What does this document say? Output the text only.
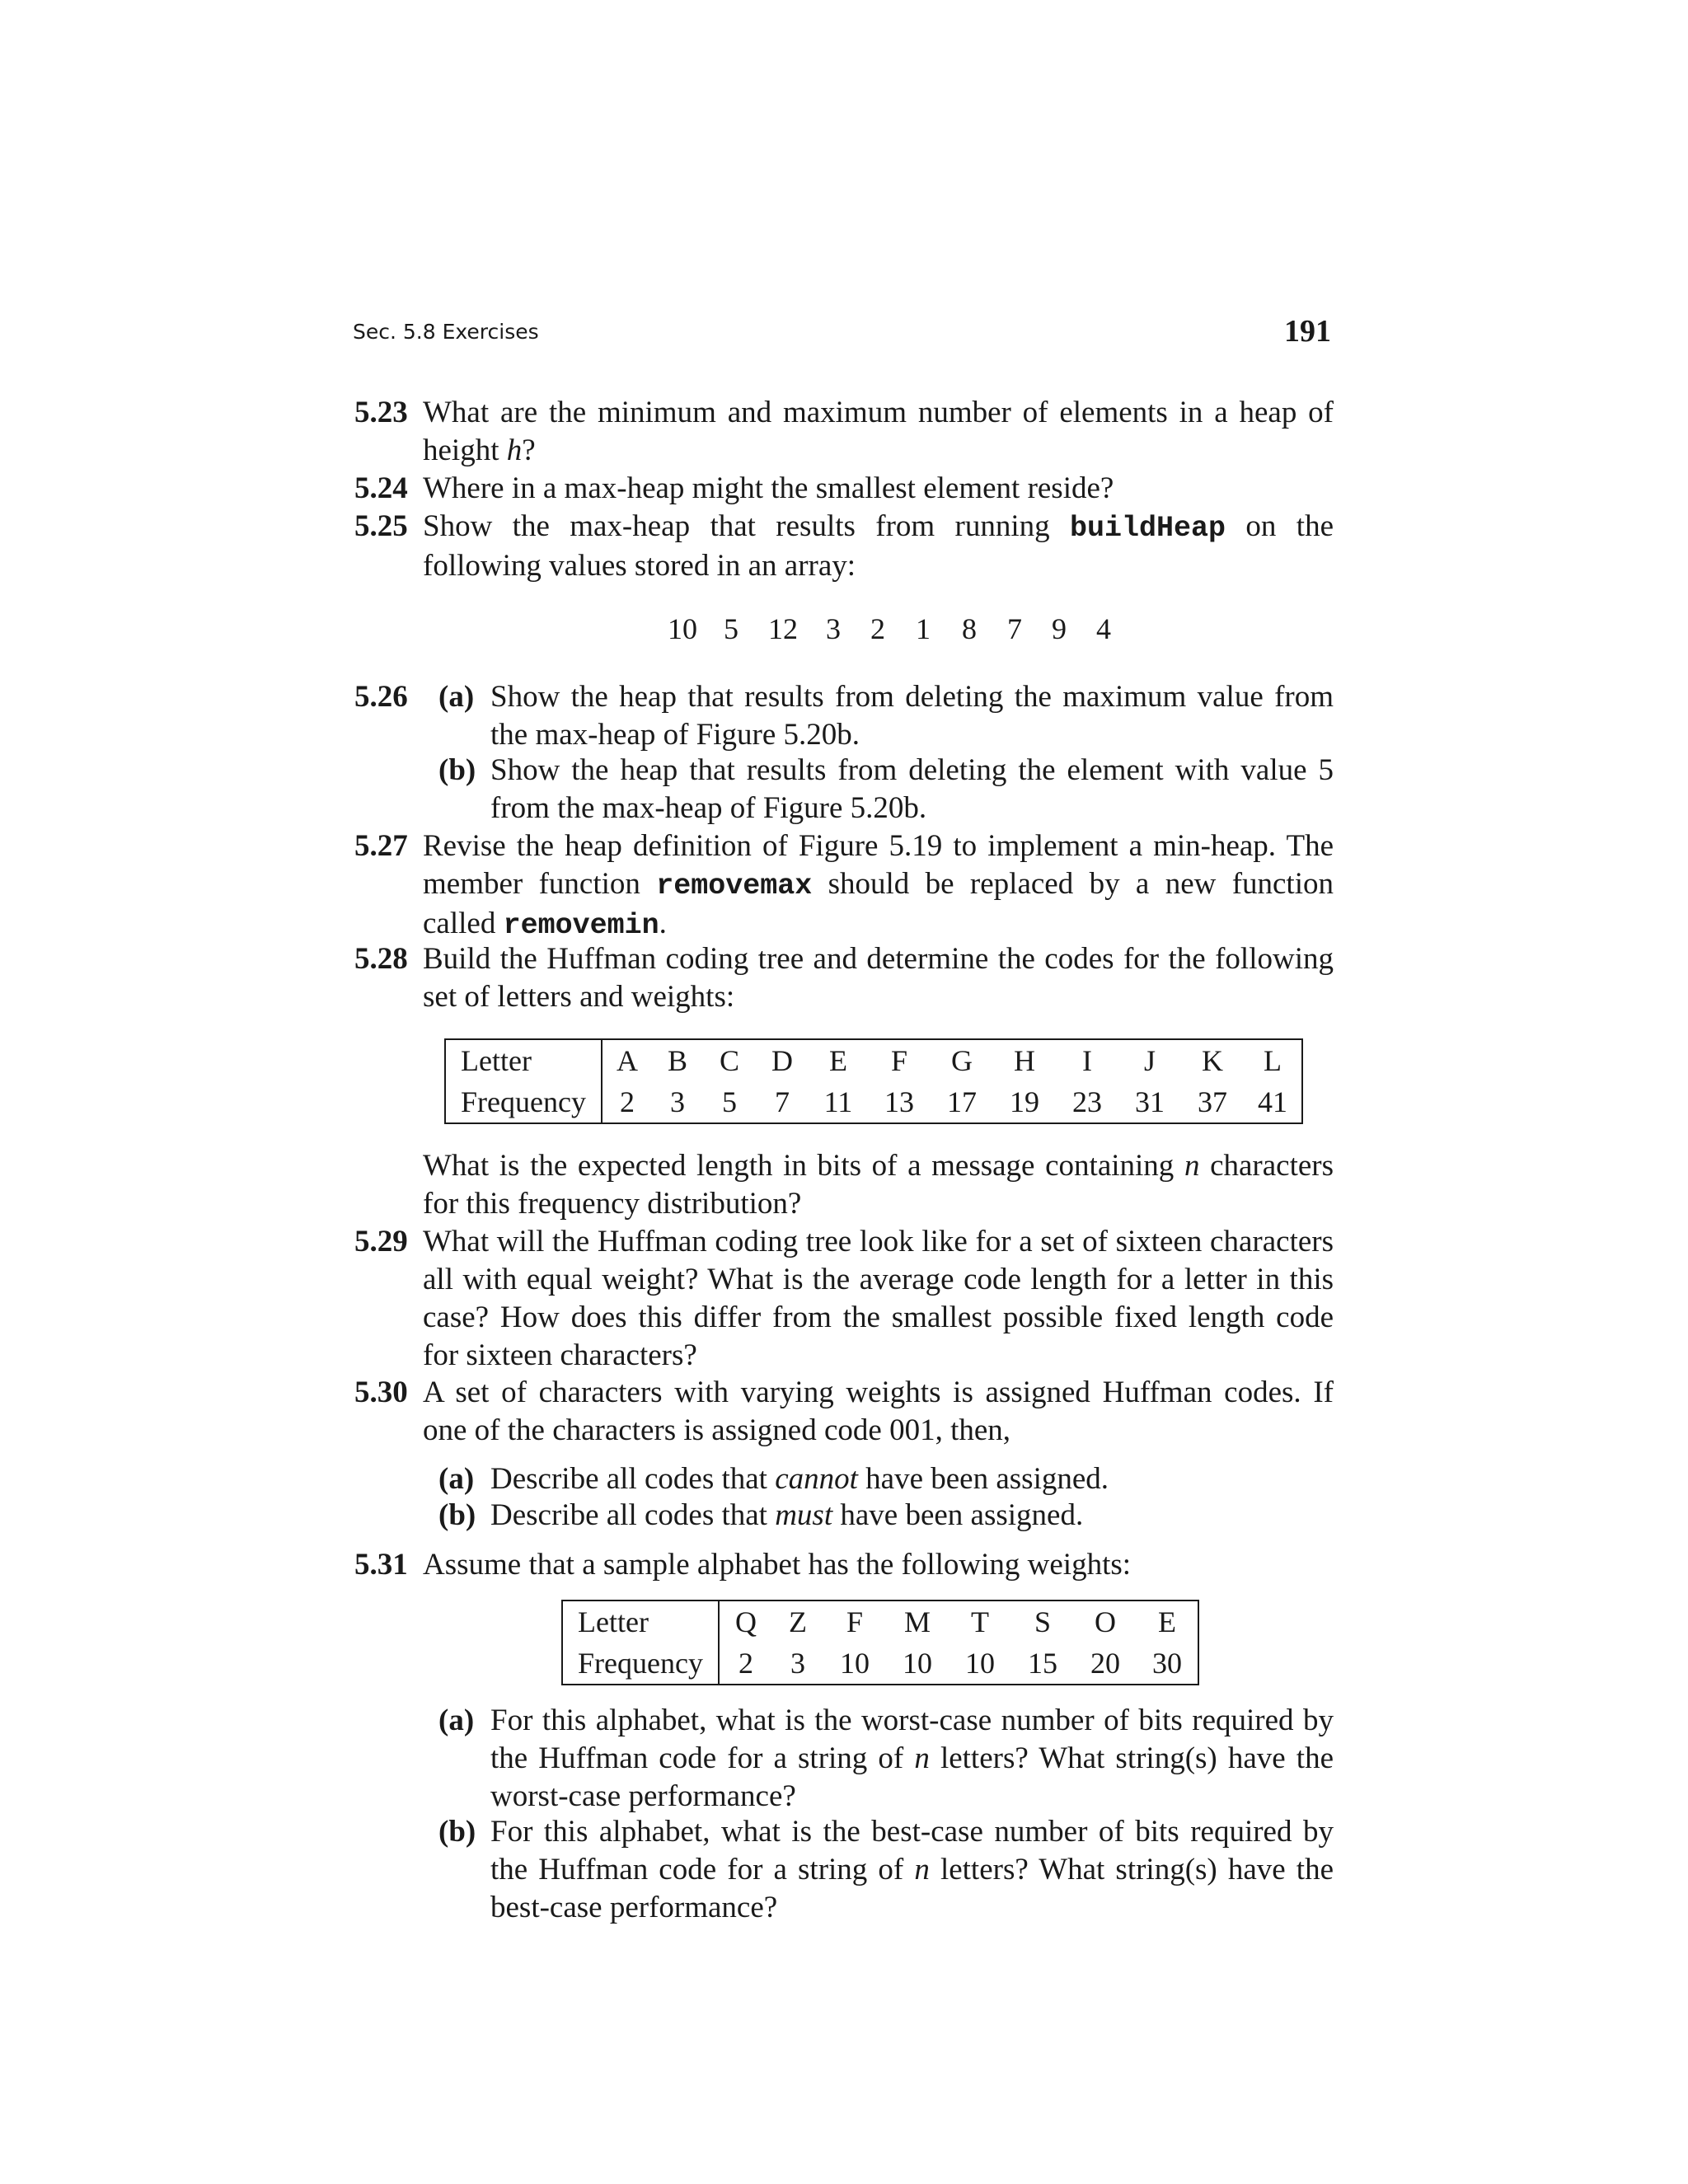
Sec. 5.8 Exercises	191
5.23 What are the minimum and maximum number of elements in a heap of height h?
5.24 Where in a max-heap might the smallest element reside?
5.25 Show the max-heap that results from running buildHeap on the following values stored in an array:
10 5	12 3	2	1	8	7	9	4
5.26 (a) Show the heap that results from deleting the maximum value from the max-heap of Figure 5.20b.
(b) Show the heap that results from deleting the element with value 5 from the max-heap of Figure 5.20b.
5.27 Revise the heap definition of Figure 5.19 to implement a min-heap. The member function removemax should be replaced by a new function called removemin.
5.28 Build the Huffman coding tree and determine the codes for the following set of letters and weights:
Letter	A	B	C	D	E	F	G	H	I	J	K	L
Frequency	2	3	5	7	11	13	17	19	23	31	37	41
What is the expected length in bits of a message containing n characters for this frequency distribution?
5.29 What will the Huffman coding tree look like for a set of sixteen characters all with equal weight? What is the average code length for a letter in this case? How does this differ from the smallest possible fixed length code for sixteen characters?
5.30 A set of characters with varying weights is assigned Huffman codes. If one of the characters is assigned code 001, then,
(a) Describe all codes that cannot have been assigned.
(b) Describe all codes that must have been assigned.
5.31 Assume that a sample alphabet has the following weights:
Letter	Q	Z	F	M	T	S	O	E
Frequency	2	3	10	10	10	15	20	30
(a) For this alphabet, what is the worst-case number of bits required by the Huffman code for a string of n letters? What string(s) have the worst-case performance?
(b) For this alphabet, what is the best-case number of bits required by the Huffman code for a string of n letters? What string(s) have the best-case performance?
